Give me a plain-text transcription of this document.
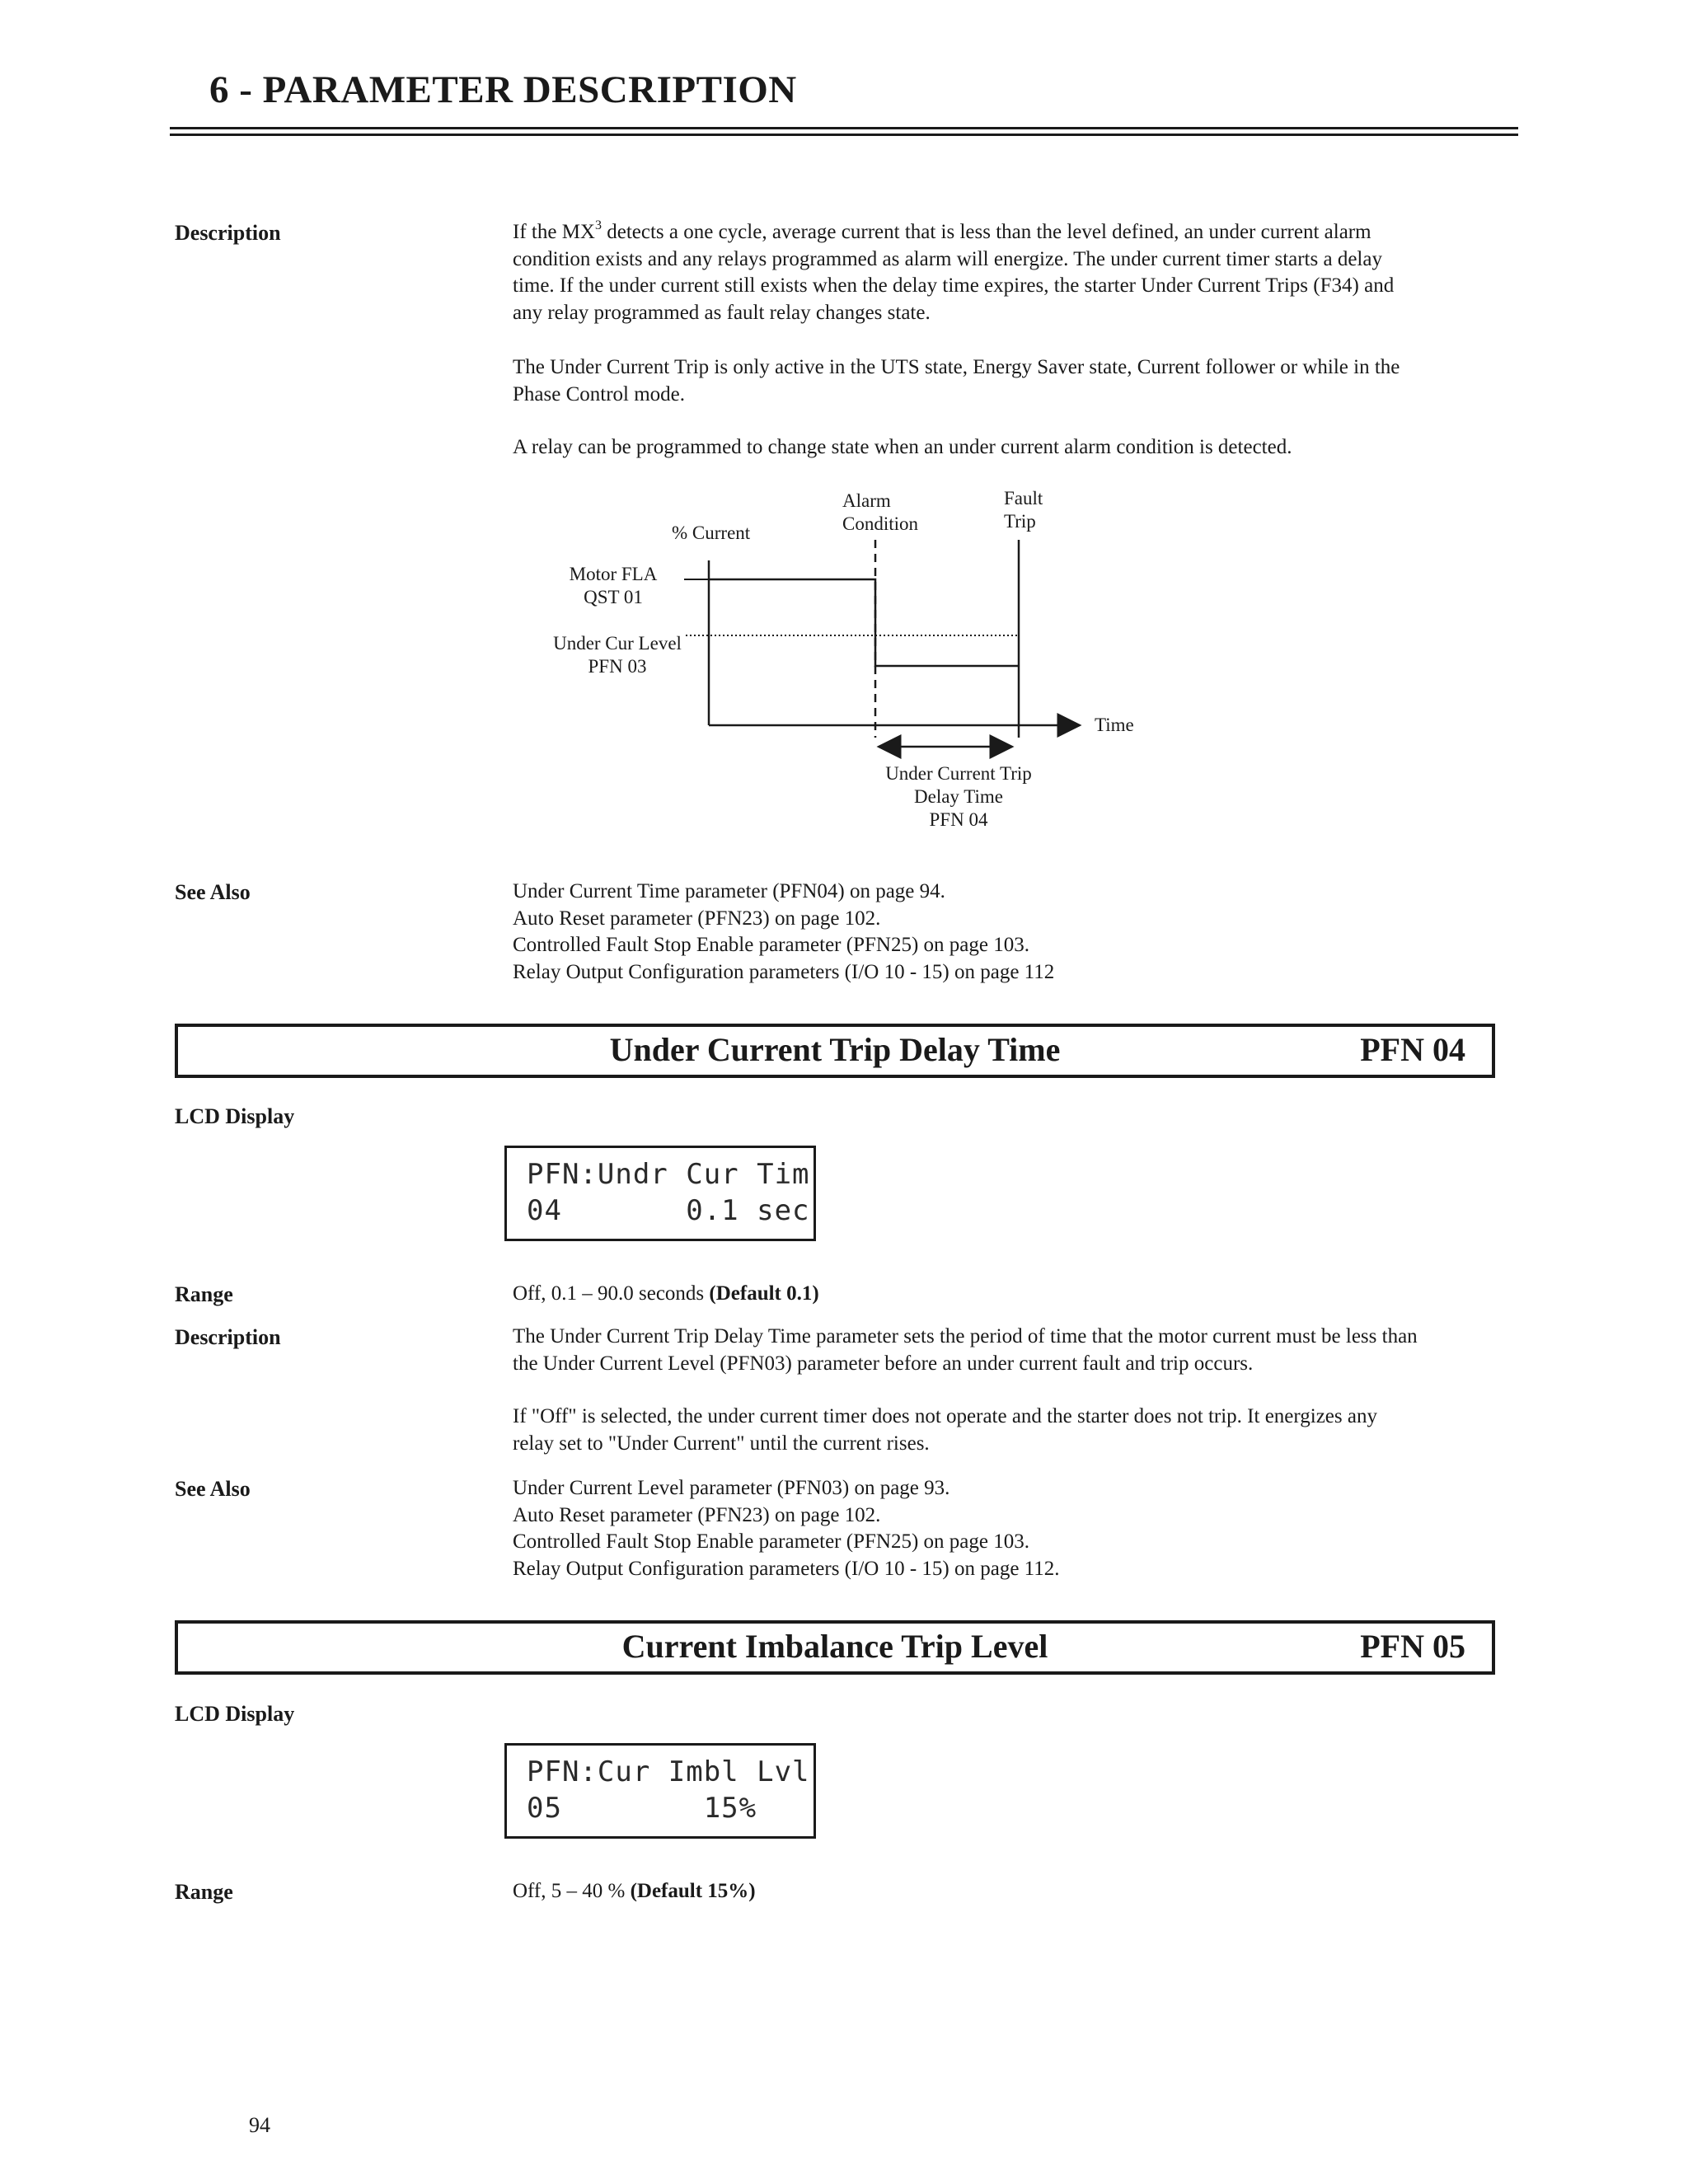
6 - PARAMETER DESCRIPTION
Description	If the $MX^3$ detects a one cycle, average current that is less than the level defined, an under current alarm
condition exists and any relays programmed as alarm will energize. The under current timer starts a delay
time. If the under current still exists when the delay time expires, the starter Under Current Trips (F34) and
any relay programmed as fault relay changes state.
The Under Current Trip is only active in the UTS state, Energy Saver state, Current follower or while in the
Phase Control mode.
A relay can be programmed to change state when an under current alarm condition is detected.
% Current
Alarm
Condition
Fault
Trip
Motor FLA
QST 01
Under Cur Level
PFN 03
Time
Under Current Trip
Delay Time
PFN 04
See Also	Under Current Time parameter (PFN04) on page 94.
Auto Reset parameter (PFN23) on page 102.
Controlled Fault Stop Enable parameter (PFN25) on page 103.
Relay Output Configuration parameters (I/O 10 - 15) on page 112
Under Current Trip Delay Time	PFN 04
LCD Display
PFN:Undr Cur Tim
04       0.1 sec
Range	Off, 0.1 – 90.0 seconds (Default 0.1)
Description	The Under Current Trip Delay Time parameter sets the period of time that the motor current must be less than
the Under Current Level (PFN03) parameter before an under current fault and trip occurs.
If "Off" is selected, the under current timer does not operate and the starter does not trip. It energizes any
relay set to "Under Current" until the current rises.
See Also	Under Current Level parameter (PFN03) on page 93.
Auto Reset parameter (PFN23) on page 102.
Controlled Fault Stop Enable parameter (PFN25) on page 103.
Relay Output Configuration parameters (I/O 10 - 15) on page 112.
Current Imbalance Trip Level	PFN 05
LCD Display
PFN:Cur Imbl Lvl
05        15%
Range	Off, 5 – 40 % (Default 15%)
94
